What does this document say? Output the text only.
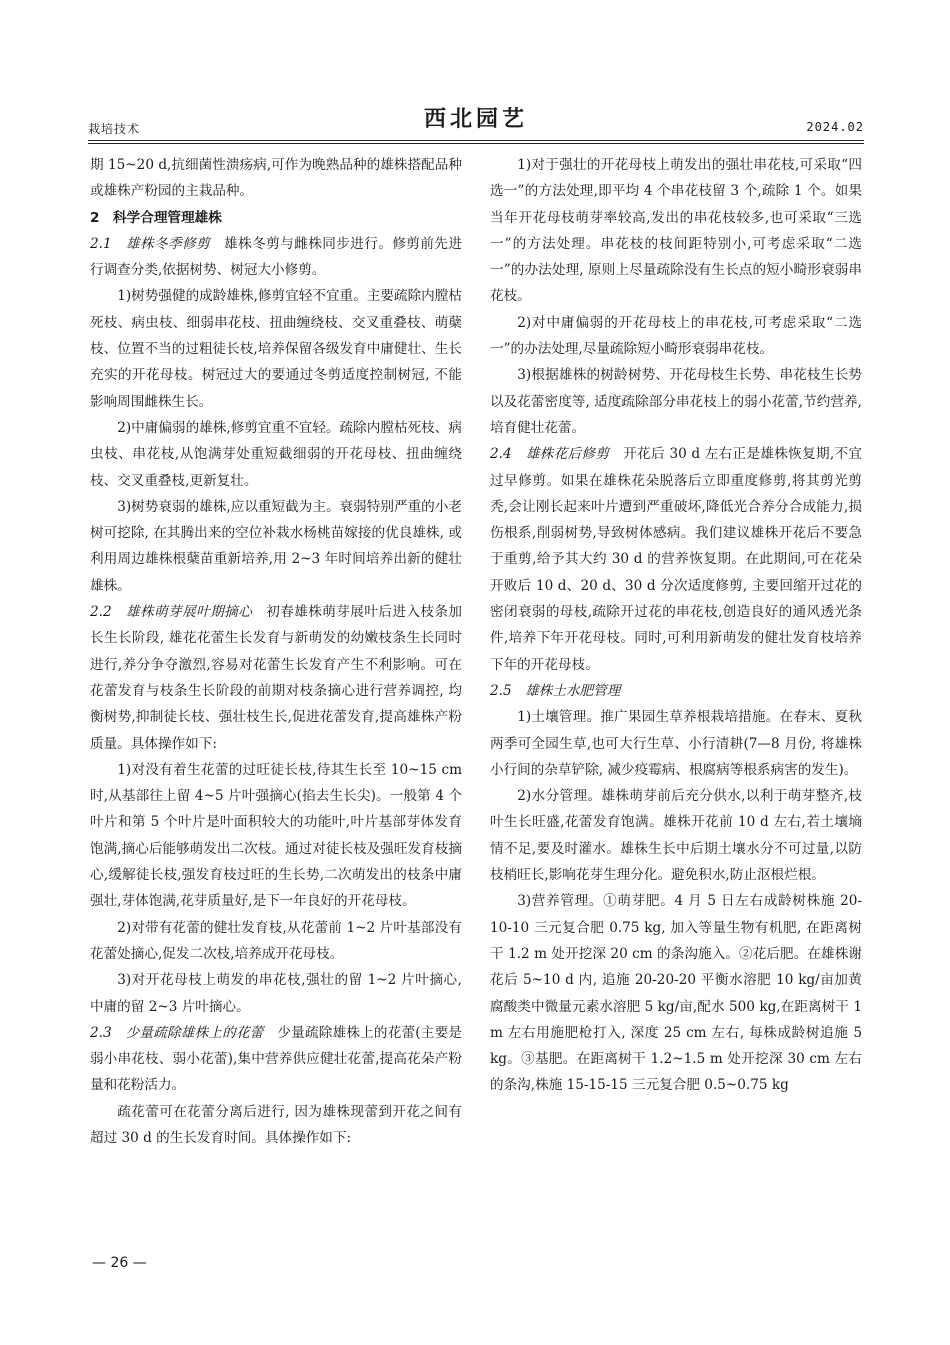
栽培技术	西北园艺	2024.02

期 15~20 d,抗细菌性溃疡病,可作为晚熟品种的雄株搭配品种或雄株产粉园的主栽品种。

2　科学合理管理雄株

2.1　雄株冬季修剪　雄株冬剪与雌株同步进行。修剪前先进行调查分类,依据树势、树冠大小修剪。

1)树势强健的成龄雄株,修剪宜轻不宜重。主要疏除内膛枯死枝、病虫枝、细弱串花枝、扭曲缠绕枝、交叉重叠枝、萌蘖枝、位置不当的过粗徒长枝,培养保留各级发育中庸健壮、生长充实的开花母枝。树冠过大的要通过冬剪适度控制树冠, 不能影响周围雌株生长。

2)中庸偏弱的雄株,修剪宜重不宜轻。疏除内膛枯死枝、病虫枝、串花枝,从饱满芽处重短截细弱的开花母枝、扭曲缠绕枝、交叉重叠枝,更新复壮。

3)树势衰弱的雄株,应以重短截为主。衰弱特别严重的小老树可挖除, 在其腾出来的空位补栽水杨桃苗嫁接的优良雄株, 或利用周边雄株根蘖苗重新培养,用 2~3 年时间培养出新的健壮雄株。

2.2　雄株萌芽展叶期摘心　初春雄株萌芽展叶后进入枝条加长生长阶段, 雄花花蕾生长发育与新萌发的幼嫩枝条生长同时进行,养分争夺激烈,容易对花蕾生长发育产生不利影响。可在花蕾发育与枝条生长阶段的前期对枝条摘心进行营养调控, 均衡树势,抑制徒长枝、强壮枝生长,促进花蕾发育,提高雄株产粉质量。具体操作如下:

1)对没有着生花蕾的过旺徒长枝,待其生长至 10~15 cm 时,从基部往上留 4~5 片叶强摘心(掐去生长尖)。一般第 4 个叶片和第 5 个叶片是叶面积较大的功能叶,叶片基部芽体发育饱满,摘心后能够萌发出二次枝。通过对徒长枝及强旺发育枝摘心,缓解徒长枝,强发育枝过旺的生长势,二次萌发出的枝条中庸强壮,芽体饱满,花芽质量好,是下一年良好的开花母枝。

2)对带有花蕾的健壮发育枝,从花蕾前 1~2 片叶基部没有花蕾处摘心,促发二次枝,培养成开花母枝。

3)对开花母枝上萌发的串花枝,强壮的留 1~2 片叶摘心,中庸的留 2~3 片叶摘心。

2.3　少量疏除雄株上的花蕾　少量疏除雄株上的花蕾(主要是弱小串花枝、弱小花蕾),集中营养供应健壮花蕾,提高花朵产粉量和花粉活力。

疏花蕾可在花蕾分离后进行, 因为雄株现蕾到开花之间有超过 30 d 的生长发育时间。具体操作如下:

1)对于强壮的开花母枝上萌发出的强壮串花枝,可采取“四选一”的方法处理,即平均 4 个串花枝留 3 个,疏除 1 个。如果当年开花母枝萌芽率较高,发出的串花枝较多,也可采取“三选一”的方法处理。串花枝的枝间距特别小,可考虑采取“二选一”的办法处理, 原则上尽量疏除没有生长点的短小畸形衰弱串花枝。

2)对中庸偏弱的开花母枝上的串花枝,可考虑采取“二选一”的办法处理,尽量疏除短小畸形衰弱串花枝。

3)根据雄株的树龄树势、开花母枝生长势、串花枝生长势以及花蕾密度等, 适度疏除部分串花枝上的弱小花蕾,节约营养,培育健壮花蕾。

2.4　雄株花后修剪　开花后 30 d 左右正是雄株恢复期,不宜过早修剪。如果在雄株花朵脱落后立即重度修剪,将其剪光剪秃,会让刚长起来叶片遭到严重破坏,降低光合养分合成能力,损伤根系,削弱树势,导致树体感病。我们建议雄株开花后不要急于重剪,给予其大约 30 d 的营养恢复期。在此期间,可在花朵开败后 10 d、20 d、30 d 分次适度修剪, 主要回缩开过花的密闭衰弱的母枝,疏除开过花的串花枝,创造良好的通风透光条件,培养下年开花母枝。同时,可利用新萌发的健壮发育枝培养下年的开花母枝。

2.5　雄株土水肥管理

1)土壤管理。推广果园生草养根栽培措施。在春末、夏秋两季可全园生草,也可大行生草、小行清耕(7—8 月份, 将雄株小行间的杂草铲除, 减少疫霉病、根腐病等根系病害的发生)。

2)水分管理。雄株萌芽前后充分供水,以利于萌芽整齐,枝叶生长旺盛,花蕾发育饱满。雄株开花前 10 d 左右,若土壤墒情不足,要及时灌水。雄株生长中后期土壤水分不可过量,以防枝梢旺长,影响花芽生理分化。避免积水,防止沤根烂根。

3)营养管理。①萌芽肥。4 月 5 日左右成龄树株施 20-10-10 三元复合肥 0.75 kg, 加入等量生物有机肥, 在距离树干 1.2 m 处开挖深 20 cm 的条沟施入。②花后肥。在雄株谢花后 5~10 d 内, 追施 20-20-20 平衡水溶肥 10 kg/亩加黄腐酸类中微量元素水溶肥 5 kg/亩,配水 500 kg,在距离树干 1 m 左右用施肥枪打入, 深度 25 cm 左右, 每株成龄树追施 5 kg。③基肥。在距离树干 1.2~1.5 m 处开挖深 30 cm 左右的条沟,株施 15-15-15 三元复合肥 0.5~0.75 kg

— 26 —
